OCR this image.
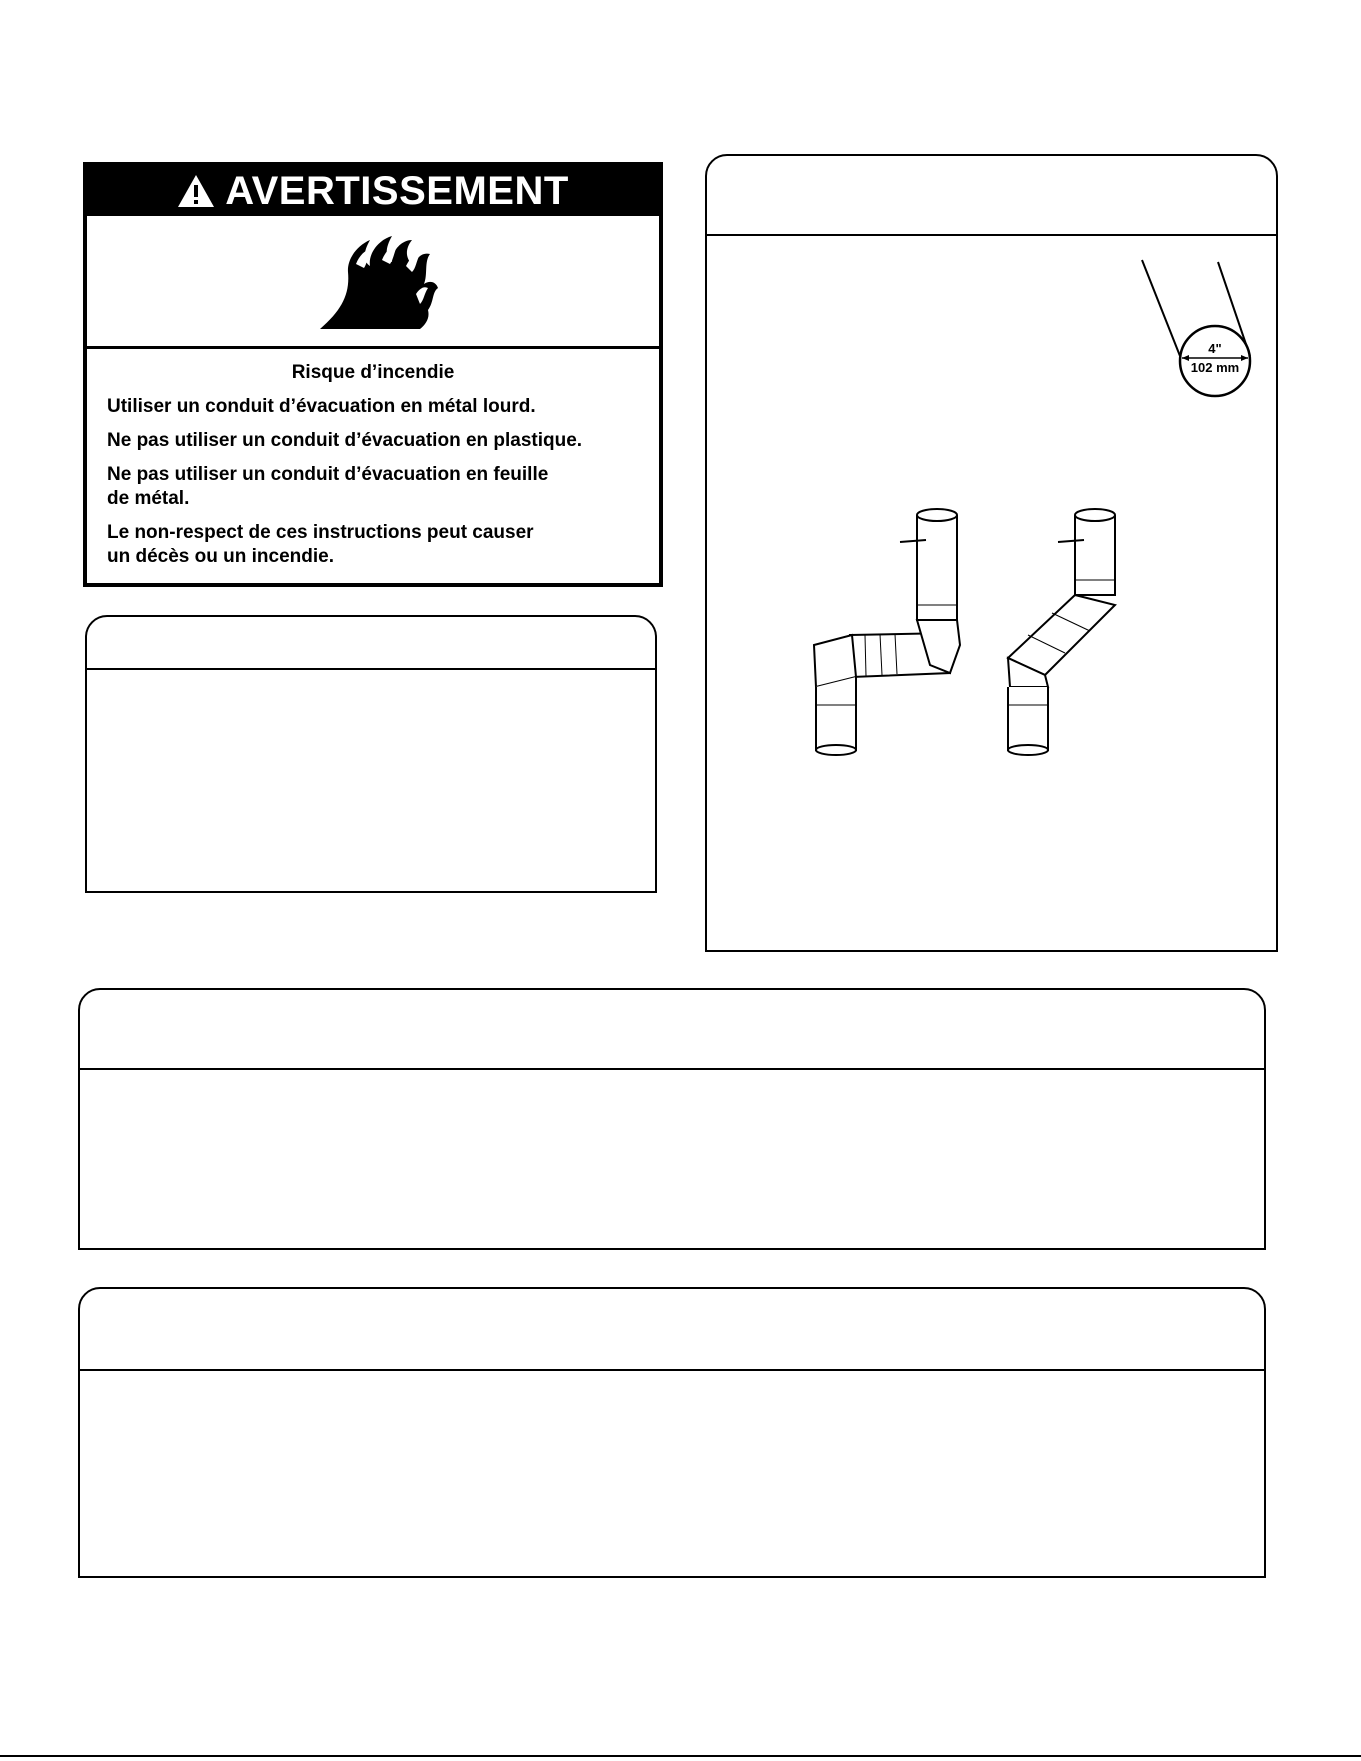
AVERTISSEMENT
Risque d’incendie

Utiliser un conduit d’évacuation en métal lourd.

Ne pas utiliser un conduit d’évacuation en plastique.

Ne pas utiliser un conduit d’évacuation en feuille
de métal.

Le non-respect de ces instructions peut causer
un décès ou un incendie.

4"
102 mm
